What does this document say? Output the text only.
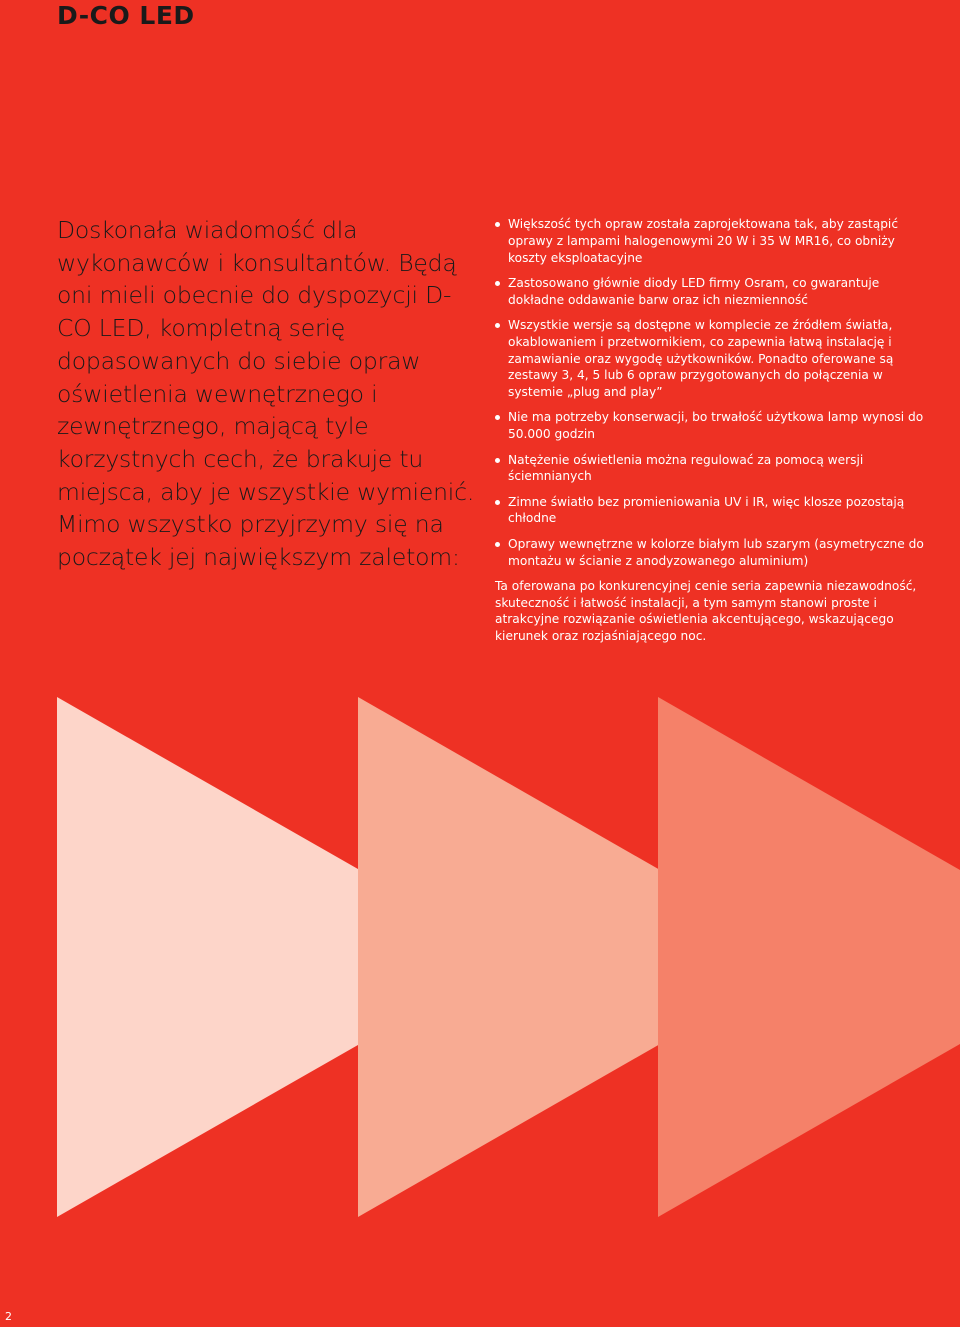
D-CO LED

Doskonała wiadomość dla wykonawców i konsultantów. Będą oni mieli obecnie do dyspozycji D-CO LED, kompletną serię dopasowanych do siebie opraw oświetlenia wewnętrznego i zewnętrznego, mającą tyle korzystnych cech, że brakuje tu miejsca, aby je wszystkie wymienić. Mimo wszystko przyjrzymy się na początek jej największym zaletom:

Większość tych opraw została zaprojektowana tak, aby zastąpić oprawy z lampami halogenowymi 20 W i 35 W MR16, co obniży koszty eksploatacyjne
Zastosowano głównie diody LED firmy Osram, co gwarantuje dokładne oddawanie barw oraz ich niezmienność
Wszystkie wersje są dostępne w komplecie ze źródłem światła, okablowaniem i przetwornikiem, co zapewnia łatwą instalację i zamawianie oraz wygodę użytkowników. Ponadto oferowane są zestawy 3, 4, 5 lub 6 opraw przygotowanych do połączenia w systemie „plug and play”
Nie ma potrzeby konserwacji, bo trwałość użytkowa lamp wynosi do 50.000 godzin
Natężenie oświetlenia można regulować za pomocą wersji ściemnianych
Zimne światło bez promieniowania UV i IR, więc klosze pozostają chłodne
Oprawy wewnętrzne w kolorze białym lub szarym (asymetryczne do montażu w ścianie z anodyzowanego aluminium)

Ta oferowana po konkurencyjnej cenie seria zapewnia niezawodność, skuteczność i łatwość instalacji, a tym samym stanowi proste i atrakcyjne rozwiązanie oświetlenia akcentującego, wskazującego kierunek oraz rozjaśniającego noc.

2
